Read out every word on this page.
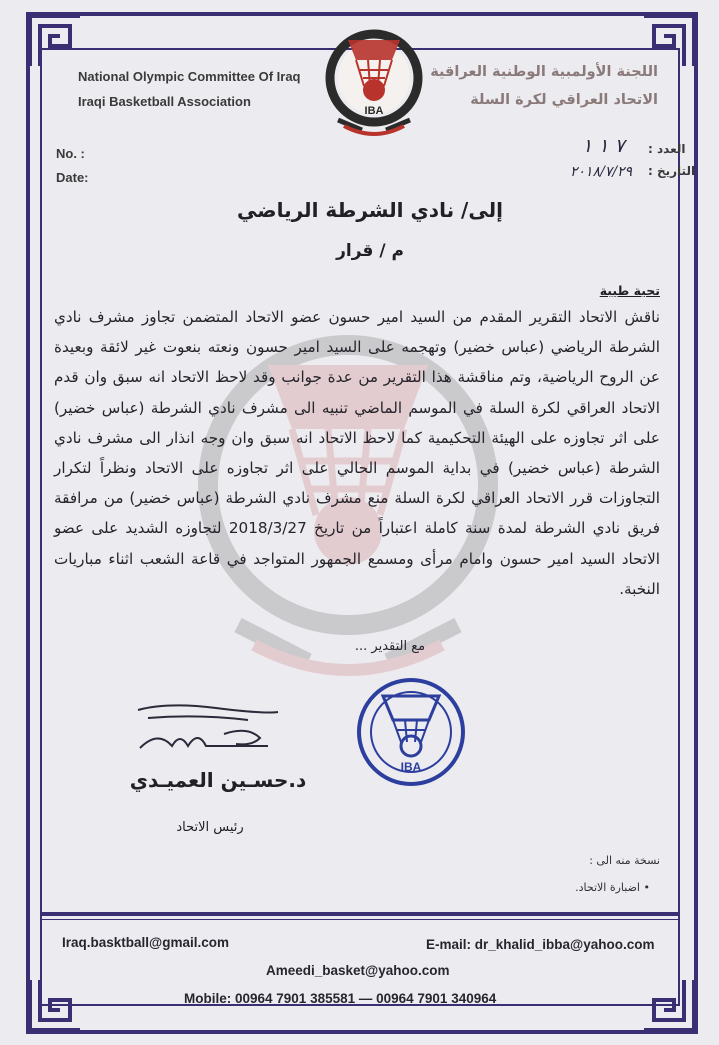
National Olympic Committee Of Iraq
Iraqi Basketball Association
اللجنة الأولمبية الوطنية العراقية
الاتحاد العراقي لكرة السلة
IBA
No. :
Date:
العدد :
التاريخ :
٧ ١ ١
٢٠١٨/٧/٢٩
إلى/ نادي الشرطة الرياضي
م / قرار
تحية طيبة
ناقش الاتحاد التقرير المقدم من السيد امير حسون عضو الاتحاد المتضمن تجاوز مشرف نادي الشرطة الرياضي (عباس خضير) وتهجمه على السيد امير حسون ونعته بنعوت غير لائقة وبعيدة عن الروح الرياضية، وتم مناقشة هذا التقرير من عدة جوانب وقد لاحظ الاتحاد انه سبق وان قدم الاتحاد العراقي لكرة السلة في الموسم الماضي تنبيه الى مشرف نادي الشرطة (عباس خضير) على اثر تجاوزه على الهيئة التحكيمية كما لاحظ الاتحاد انه سبق وان وجه انذار الى مشرف نادي الشرطة (عباس خضير) في بداية الموسم الحالي على اثر تجاوزه على الاتحاد ونظراً لتكرار التجاوزات قرر الاتحاد العراقي لكرة السلة منع مشرف نادي الشرطة (عباس خضير) من مرافقة فريق نادي الشرطة لمدة سنة كاملة اعتباراً من تاريخ 2018/3/27 لتجاوزه الشديد على عضو الاتحاد السيد امير حسون وامام مرأى ومسمع الجمهور المتواجد في قاعة الشعب اثناء مباريات النخبة.
مع التقدير ...
IBA
د.حسـين العميـدي
رئيس الاتحاد
نسخة منه الى :
• اضبارة الاتحاد.
Iraq.basktball@gmail.com	E-mail: dr_khalid_ibba@yahoo.com
Ameedi_basket@yahoo.com
Mobile: 00964 7901 385581 — 00964 7901 340964
